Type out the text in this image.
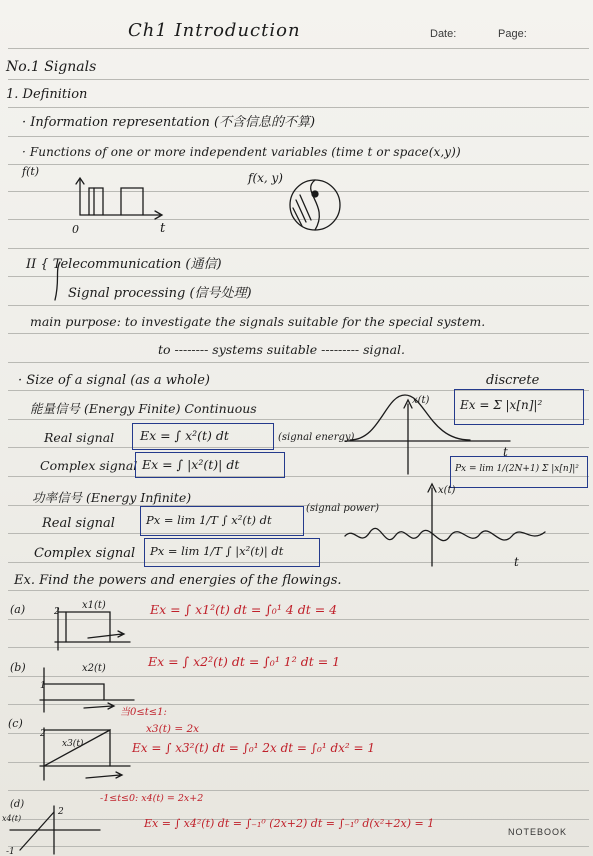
Ch1 Introduction	Date:	Page:
No.1 Signals
1. Definition
· Information representation (不含信息的不算)
· Functions of one or more independent variables (time t or space(x,y))
f(t)
0	t
f(x, y)
II { Telecommunication (通信)
Signal processing (信号处理)
main purpose: to investigate the signals suitable for the special system.
to -------- systems suitable --------- signal.
· Size of a signal (as a whole)	discrete
能量信号 (Energy Finite) Continuous
x(t)	Ex = Σ |x[n]|²
Real signal Ex = ∫ x²(t) dt	(signal energy)
Complex signal Ex = ∫ |x²(t)| dt	Px = lim 1/(2N+1) Σ |x[n]|²
t
功率信号 (Energy Infinite)	x(t)
Real signal	Px = lim 1/T ∫ x²(t) dt
(signal power)
Complex signal Px = lim 1/T ∫ |x²(t)| dt
t
Ex. Find the powers and energies of the flowings.
(a)	x1(t)	Ex = ∫ x1²(t) dt = ∫₀¹ 4 dt = 4
(b)	x2(t)	Ex = ∫ x2²(t) dt = ∫₀¹ 1² dt = 1
(c)
x3(t)
当0≤t≤1:
x3(t) = 2x
Ex = ∫ x3²(t) dt = ∫₀¹ 2x dt = ∫₀¹ dx² = 1
(d)
x4(t)
-1≤t≤0: x4(t) = 2x+2
Ex = ∫ x4²(t) dt = ∫₋₁⁰ (2x+2) dt = ∫₋₁⁰ d(x²+2x) = 1
NOTEBOOK
2
1
2
2
-1
